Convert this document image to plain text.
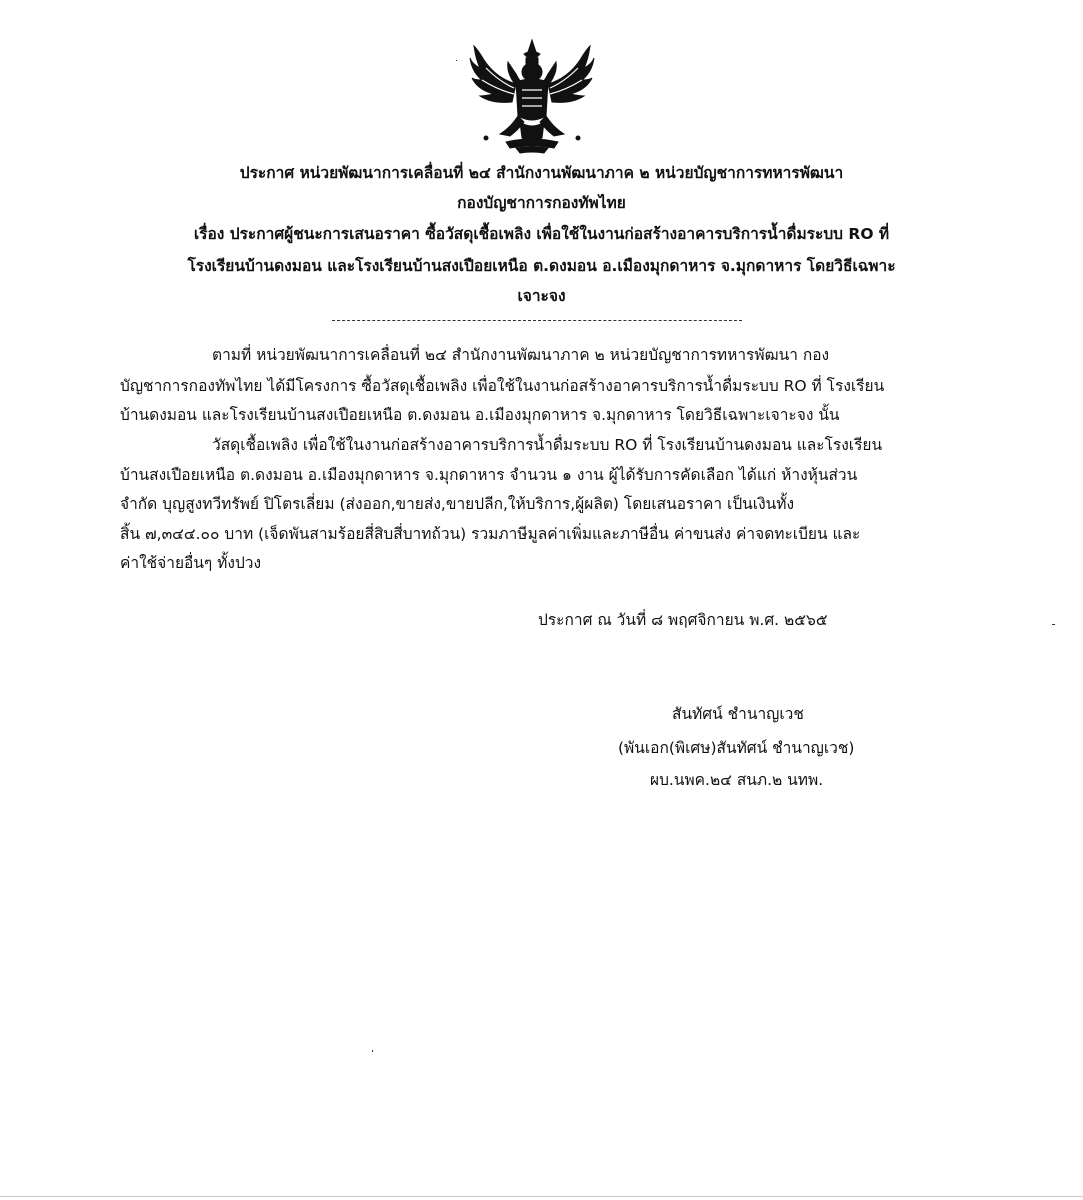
ประกาศ หน่วยพัฒนาการเคลื่อนที่ ๒๔ สำนักงานพัฒนาภาค ๒ หน่วยบัญชาการทหารพัฒนา
กองบัญชาการกองทัพไทย
เรื่อง ประกาศผู้ชนะการเสนอราคา ซื้อวัสดุเชื้อเพลิง เพื่อใช้ในงานก่อสร้างอาคารบริการน้ำดื่มระบบ RO ที่
โรงเรียนบ้านดงมอน และโรงเรียนบ้านสงเปือยเหนือ ต.ดงมอน อ.เมืองมุกดาหาร จ.มุกดาหาร โดยวิธีเฉพาะ
เจาะจง
ตามที่ หน่วยพัฒนาการเคลื่อนที่ ๒๔ สำนักงานพัฒนาภาค ๒ หน่วยบัญชาการทหารพัฒนา กอง
บัญชาการกองทัพไทย ได้มีโครงการ ซื้อวัสดุเชื้อเพลิง เพื่อใช้ในงานก่อสร้างอาคารบริการน้ำดื่มระบบ RO ที่ โรงเรียน
บ้านดงมอน และโรงเรียนบ้านสงเปือยเหนือ ต.ดงมอน อ.เมืองมุกดาหาร จ.มุกดาหาร โดยวิธีเฉพาะเจาะจง นั้น
วัสดุเชื้อเพลิง เพื่อใช้ในงานก่อสร้างอาคารบริการน้ำดื่มระบบ RO ที่ โรงเรียนบ้านดงมอน และโรงเรียน
บ้านสงเปือยเหนือ ต.ดงมอน อ.เมืองมุกดาหาร จ.มุกดาหาร จำนวน ๑ งาน ผู้ได้รับการคัดเลือก ได้แก่ ห้างหุ้นส่วน
จำกัด บุญสูงทวีทรัพย์ ปิโตรเลี่ยม (ส่งออก,ขายส่ง,ขายปลีก,ให้บริการ,ผู้ผลิต) โดยเสนอราคา เป็นเงินทั้ง
สิ้น ๗,๓๔๔.๐๐ บาท (เจ็ดพันสามร้อยสี่สิบสี่บาทถ้วน) รวมภาษีมูลค่าเพิ่มและภาษีอื่น ค่าขนส่ง ค่าจดทะเบียน และ
ค่าใช้จ่ายอื่นๆ ทั้งปวง
ประกาศ ณ วันที่ ๘ พฤศจิกายน พ.ศ. ๒๕๖๕
สันทัศน์ ชำนาญเวช
(พันเอก(พิเศษ)สันทัศน์ ชำนาญเวช)
ผบ.นพค.๒๔ สนภ.๒ นทพ.
